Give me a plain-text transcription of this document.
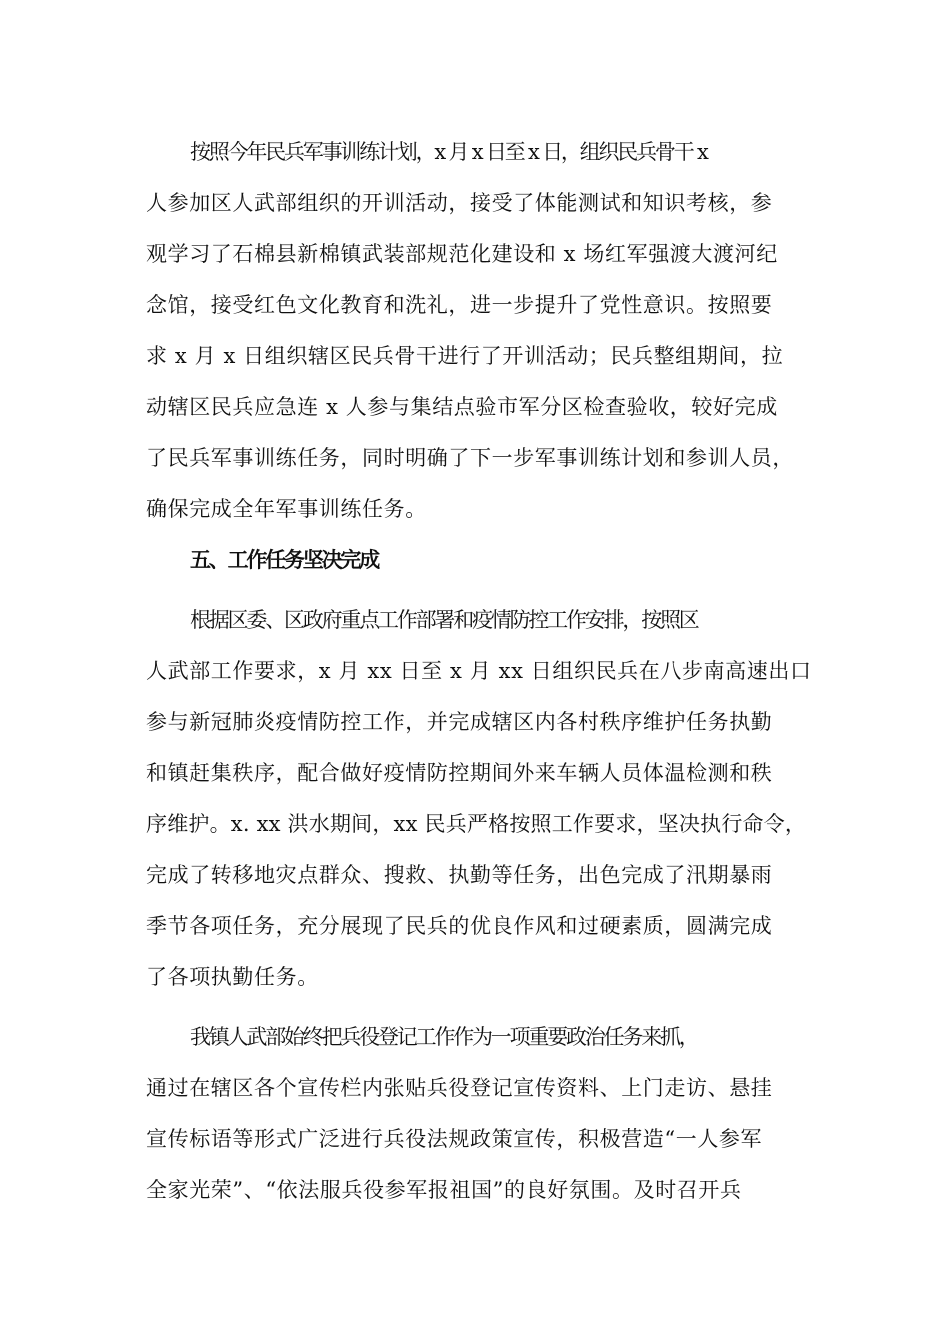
按照今年民兵军事训练计划，x 月 x 日至 x 日，组织民兵骨干 x
人参加区人武部组织的开训活动，接受了体能测试和知识考核，参
观学习了石棉县新棉镇武装部规范化建设和 x 场红军强渡大渡河纪
念馆，接受红色文化教育和洗礼，进一步提升了党性意识。按照要
求 x 月 x 日组织辖区民兵骨干进行了开训活动；民兵整组期间，拉
动辖区民兵应急连 x 人参与集结点验市军分区检查验收，较好完成
了民兵军事训练任务，同时明确了下一步军事训练计划和参训人员，
确保完成全年军事训练任务。
五、工作任务坚决完成
根据区委、区政府重点工作部署和疫情防控工作安排，按照区
人武部工作要求，x 月 xx 日至 x 月 xx 日组织民兵在八步南高速出口
参与新冠肺炎疫情防控工作，并完成辖区内各村秩序维护任务执勤
和镇赶集秩序，配合做好疫情防控期间外来车辆人员体温检测和秩
序维护。x. xx 洪水期间，xx 民兵严格按照工作要求，坚决执行命令，
完成了转移地灾点群众、搜救、执勤等任务，出色完成了汛期暴雨
季节各项任务，充分展现了民兵的优良作风和过硬素质，圆满完成
了各项执勤任务。
我镇人武部始终把兵役登记工作作为一项重要政治任务来抓，
通过在辖区各个宣传栏内张贴兵役登记宣传资料、上门走访、悬挂
宣传标语等形式广泛进行兵役法规政策宣传，积极营造“一人参军
全家光荣”、“依法服兵役参军报祖国”的良好氛围。及时召开兵
